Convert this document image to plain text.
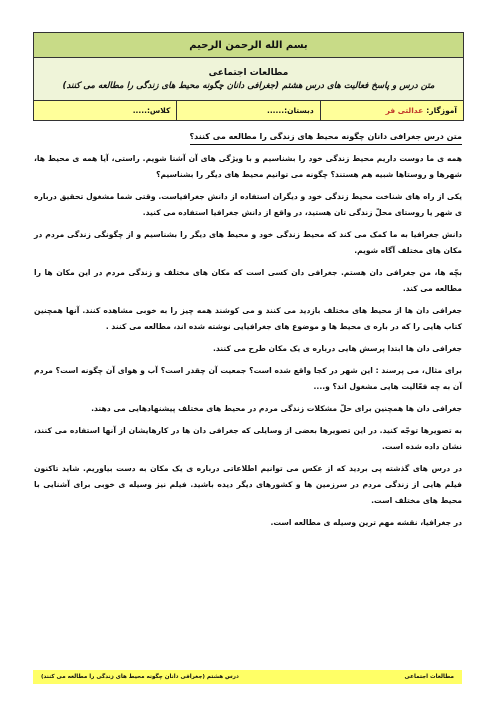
بسم الله الرحمن الرحیم
مطالعات اجتماعی
متن درس و پاسخ فعالیت های درس هشتم (جغرافی دانان چگونه محیط های زندگی را مطالعه می کنند)
آموزگار:
عدالتی فر
دبستان:
......
کلاس:
.....
متن درس جغرافی دانان چگونه محیط های زندگی را مطالعه می کنند؟

همه ی ما دوست داریم محیط زندگی خود را بشناسیم و با ویژگی های آن آشنا شویم. راستی، آیا همه ی محیط ها، شهرها و روستاها شبیه هم هستند؟ چگونه می توانیم محیط های دیگر را بشناسیم؟

یکی از راه های شناخت محیط زندگی خود و دیگران استفاده از دانش جغرافیاست. وقتی شما مشغول تحقیق درباره ی شهر یا روستای محلّ زندگی تان هستید، در واقع از دانش جغرافیا استفاده می کنید.

دانش جغرافیا به ما کمک می کند که محیط زندگی خود و محیط های دیگر را بشناسیم و از چگونگی زندگی مردم در مکان های مختلف آگاه شویم.

بچّه ها، من جغرافی دان هستم. جغرافی دان کسی است که مکان های مختلف و زندگی مردم در این مکان ها را مطالعه می کند.

جغرافی دان ها از محیط های مختلف بازدید می کنند و می کوشند همه چیز را به خوبی مشاهده کنند. آنها همچنین کتاب هایی را که در باره ی محیط ها و موضوع های جغرافیایی نوشته شده اند، مطالعه می کنند .

جغرافی دان ها ابتدا پرسش هایی درباره ی یک مکان طرح می کنند.

برای مثال، می پرسند : این شهر در کجا واقع شده است؟ جمعیت آن چقدر است؟ آب و هوای آن چگونه است؟ مردم آن به چه فعّالیت هایی مشغول اند؟ و....

جغرافی دان ها همچنین برای حلّ مشکلات زندگی مردم در محیط های مختلف پیشنهادهایی می دهند.

به تصویرها توجّه کنید. در این تصویرها بعضی از وسایلی که جغرافی دان ها در کارهایشان از آنها استفاده می کنند، نشان داده شده است.

در درس های گذشته پی بردید که از عکس می توانیم اطلاعاتی درباره ی یک مکان به دست بیاوریم. شاید تاکنون فیلم هایی از زندگی مردم در سرزمین ها و کشورهای دیگر دیده باشید. فیلم نیز وسیله ی خوبی برای آشنایی با محیط های مختلف است.

در جغرافیا، نقشه مهم ترین وسیله ی مطالعه است.

مطالعات اجتماعی
درس هشتم (جغرافی دانان چگونه محیط های زندگی را مطالعه می کنند)
